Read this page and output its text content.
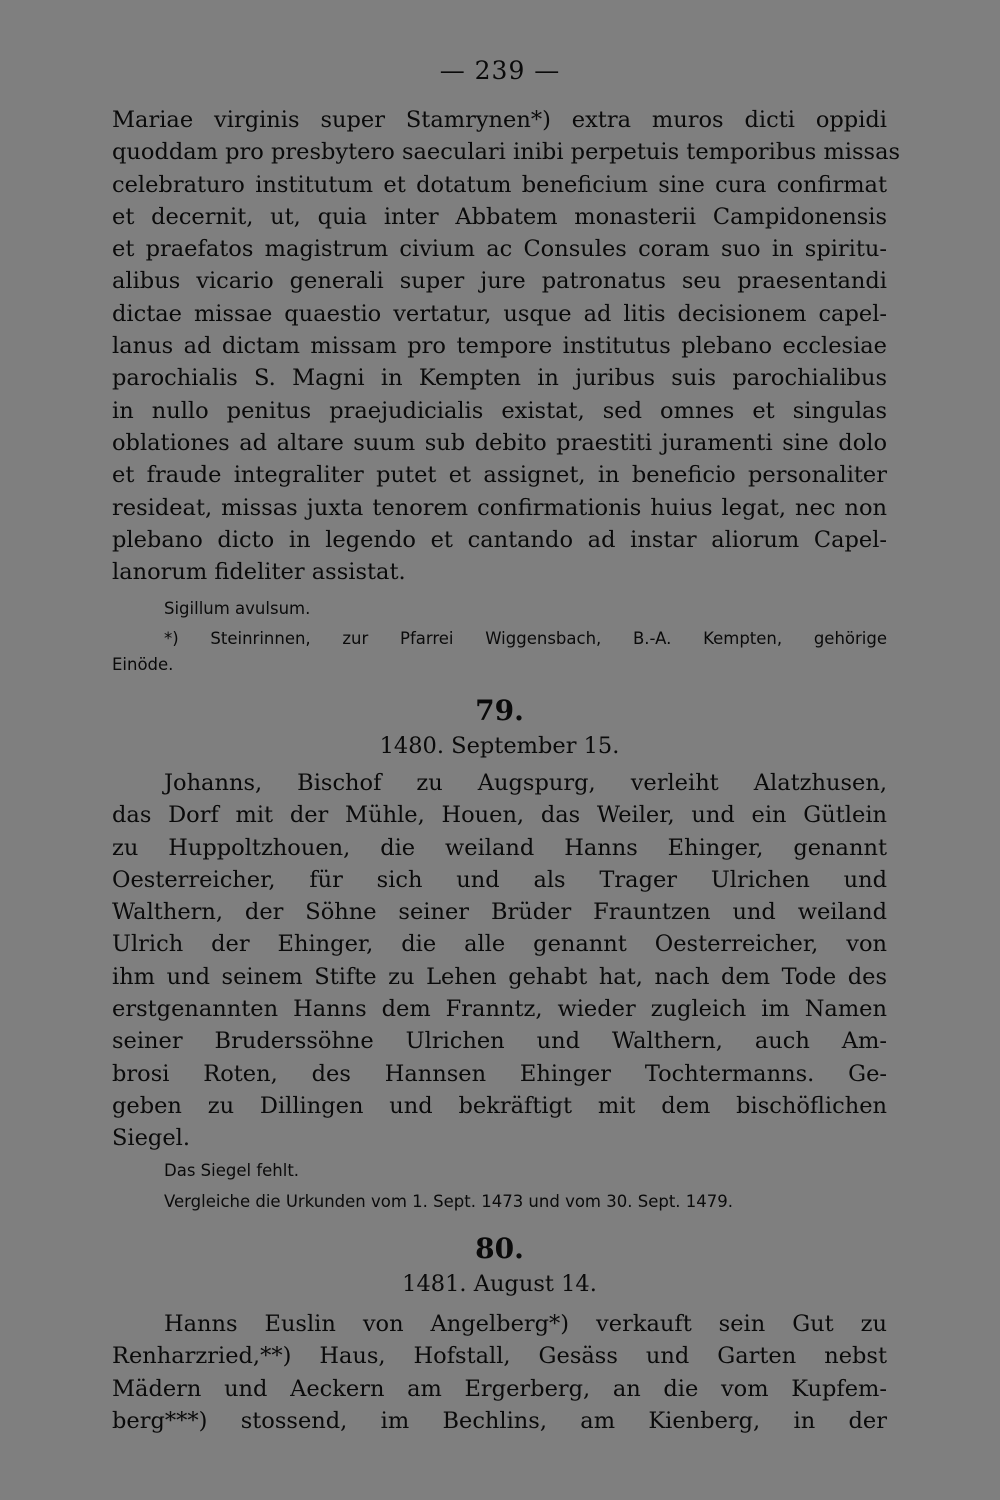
— 239 —
Mariae virginis super Stamrynen*) extra muros dicti oppidi
quoddam pro presbytero saeculari inibi perpetuis temporibus missas
celebraturo institutum et dotatum beneficium sine cura confirmat
et decernit, ut, quia inter Abbatem monasterii Campidonensis
et praefatos magistrum civium ac Consules coram suo in spiritu-
alibus vicario generali super jure patronatus seu praesentandi
dictae missae quaestio vertatur, usque ad litis decisionem capel-
lanus ad dictam missam pro tempore institutus plebano ecclesiae
parochialis S. Magni in Kempten in juribus suis parochialibus
in nullo penitus praejudicialis existat, sed omnes et singulas
oblationes ad altare suum sub debito praestiti juramenti sine dolo
et fraude integraliter putet et assignet, in beneficio personaliter
resideat, missas juxta tenorem confirmationis huius legat, nec non
plebano dicto in legendo et cantando ad instar aliorum Capel-
lanorum fideliter assistat.
Sigillum avulsum.
*) Steinrinnen, zur Pfarrei Wiggensbach, B.-A. Kempten, gehörige
Einöde.
79.
1480. September 15.
Johanns, Bischof zu Augspurg, verleiht Alatzhusen,
das Dorf mit der Mühle, Houen, das Weiler, und ein Gütlein
zu Huppoltzhouen, die weiland Hanns Ehinger, genannt
Oesterreicher, für sich und als Trager Ulrichen und
Walthern, der Söhne seiner Brüder Frauntzen und weiland
Ulrich der Ehinger, die alle genannt Oesterreicher, von
ihm und seinem Stifte zu Lehen gehabt hat, nach dem Tode des
erstgenannten Hanns dem Franntz, wieder zugleich im Namen
seiner Bruderssöhne Ulrichen und Walthern, auch Am-
brosi Roten, des Hannsen Ehinger Tochtermanns. Ge-
geben zu Dillingen und bekräftigt mit dem bischöflichen
Siegel.
Das Siegel fehlt.
Vergleiche die Urkunden vom 1. Sept. 1473 und vom 30. Sept. 1479.
80.
1481. August 14.
Hanns Euslin von Angelberg*) verkauft sein Gut zu
Renharzried,**) Haus, Hofstall, Gesäss und Garten nebst
Mädern und Aeckern am Ergerberg, an die vom Kupfem-
berg***) stossend, im Bechlins, am Kienberg, in der
